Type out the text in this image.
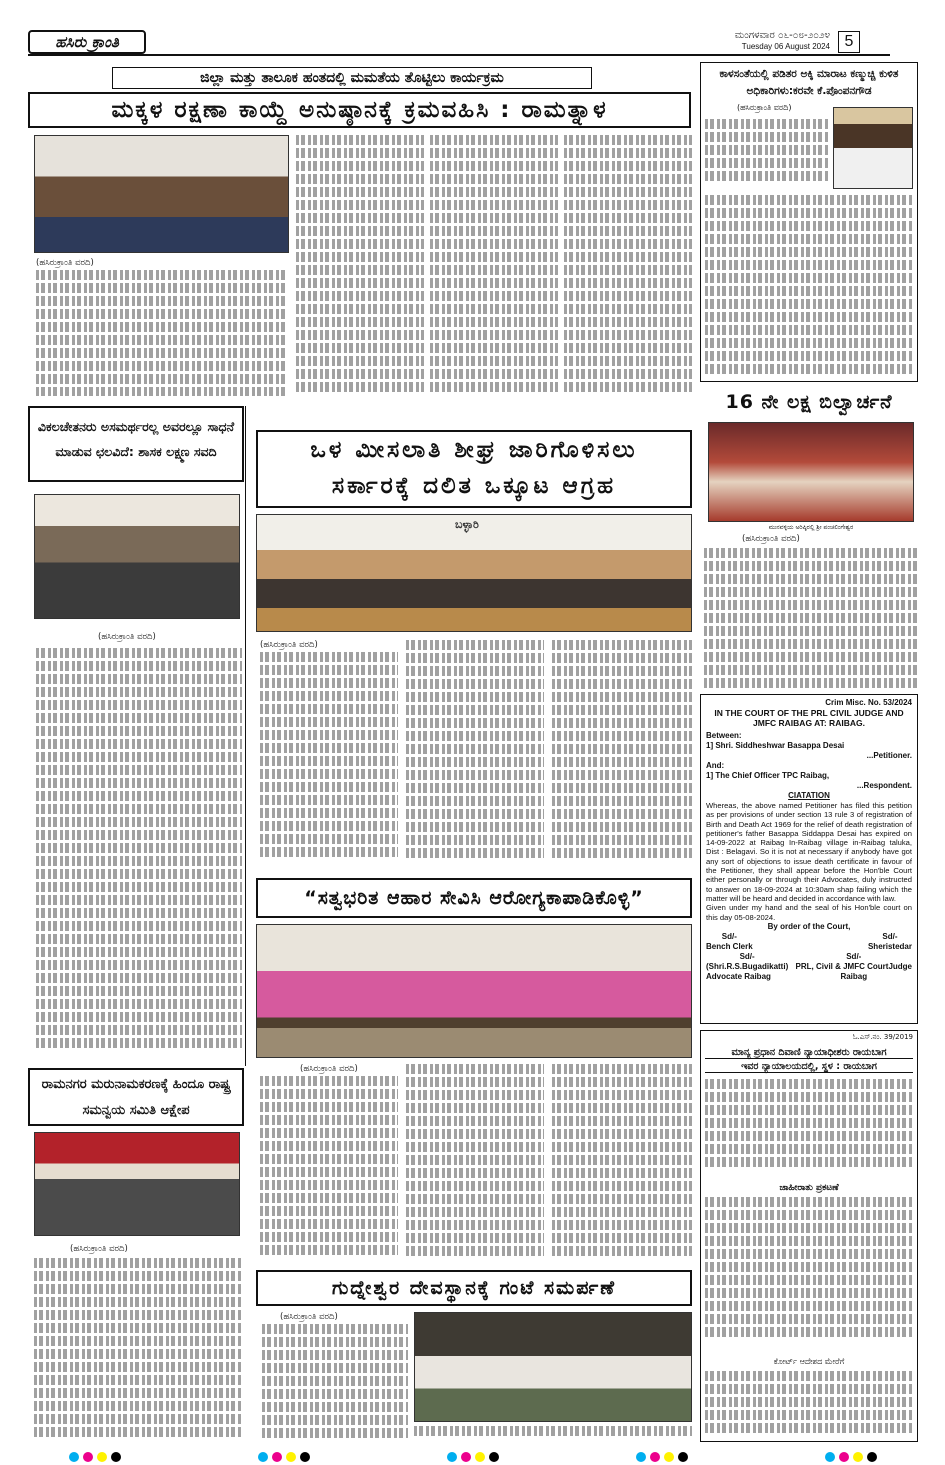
ಹಸಿರು ಕ್ರಾಂತಿ	ಮಂಗಳವಾರ ೦೬-೦೮-೨೦೨೪
Tuesday 06 August 2024 5
ಜಿಲ್ಲಾ ಮತ್ತು ತಾಲೂಕ ಹಂತದಲ್ಲಿ ಮಮತೆಯ ತೊಟ್ಟಿಲು ಕಾರ್ಯಕ್ರಮ
ಮಕ್ಕಳ ರಕ್ಷಣಾ ಕಾಯ್ದೆ ಅನುಷ್ಠಾನಕ್ಕೆ ಕ್ರಮವಹಿಸಿ : ರಾಮತ್ನಾಳ
(ಹಸಿರುಕ್ರಾಂತಿ ವರದಿ)
ಕಾಳಸಂತೆಯಲ್ಲಿ ಪಡಿತರ ಅಕ್ಕಿ ಮಾರಾಟ ಕಣ್ಮುಚ್ಚಿ ಕುಳಿತ ಅಧಿಕಾರಿಗಳು:ಕರವೇ ಕೆ.ಪೊಂಪನಗೌಡ
(ಹಸಿರುಕ್ರಾಂತಿ ವರದಿ)
16 ನೇ ಲಕ್ಷ ಬಿಲ್ವಾರ್ಚನೆ
ಮುನವಳ್ಳಿಯ ಅರಿಷ್ಠಿರಲ್ಲಿ ಶ್ರೀ ಪಂಚಲಿಂಗೇಶ್ವರ
(ಹಸಿರುಕ್ರಾಂತಿ ವರದಿ)
Crim Misc. No. 53/2024
IN THE COURT OF THE PRL CIVIL JUDGE AND
JMFC RAIBAG AT: RAIBAG.
Between:
1] Shri. Siddheshwar Basappa Desai
...Petitioner.
And:
1] The Chief Officer TPC Raibag,
...Respondent.
CIATATION
Whereas, the above named Petitioner has filed this petition as per provisions of under section 13 rule 3 of registration of Birth and Death Act 1969 for the relief of death registration of petitioner's father Basappa Siddappa Desai has expired on 14-09-2022 at Raibag In-Raibag village in-Raibag taluka, Dist : Belagavi. So it is not at necessary if anybody have got any sort of objections to issue death certificate in favour of the Petitioner, they shall appear before the Hon'ble Court either personally or through their Advocates, duly instructed to answer on 18-09-2024 at 10:30am shap failing which the matter will be heard and decided in accordance with law.
Given under my hand and the seal of his Hon'ble court on this day 05-08-2024.
By order of the Court,
Sd/-
Bench Clerk
Sd/-
Sheristedar
Sd/-
(Shri.R.S.Bugadikatti)
Advocate Raibag
Sd/-
PRL, Civil & JMFC CourtJudge
Raibag
ಓ.ಎಸ್.ನಂ. 39/2019
ಮಾನ್ಯ ಪ್ರಧಾನ ದಿವಾಣಿ ನ್ಯಾಯಾಧೀಶರು ರಾಯಬಾಗ
ಇವರ ನ್ಯಾಯಾಲಯದಲ್ಲಿ, ಸ್ಥಳ : ರಾಯಬಾಗ
ಜಾಹೀರಾತು ಪ್ರಕಟಣೆ
ಕೋರ್ಟ್ ಆದೇಶದ ಮೇರೆಗೆ
ವಿಕಲಚೇತನರು ಅಸಮರ್ಥರಲ್ಲ ಅವರಲ್ಲೂ ಸಾಧನೆ ಮಾಡುವ ಛಲವಿದೆ: ಶಾಸಕ ಲಕ್ಷ್ಮಣ ಸವದಿ
(ಹಸಿರುಕ್ರಾಂತಿ ವರದಿ)
ಒಳ ಮೀಸಲಾತಿ ಶೀಘ್ರ ಜಾರಿಗೊಳಿಸಲು
ಸರ್ಕಾರಕ್ಕೆ ದಲಿತ ಒಕ್ಕೂಟ ಆಗ್ರಹ
ಬಳ್ಳಾರಿ
(ಹಸಿರುಕ್ರಾಂತಿ ವರದಿ)
“ಸತ್ವಭರಿತ ಆಹಾರ ಸೇವಿಸಿ ಆರೋಗ್ಯಕಾಪಾಡಿಕೊಳ್ಳಿ”
(ಹಸಿರುಕ್ರಾಂತಿ ವರದಿ)
ರಾಮನಗರ ಮರುನಾಮಕರಣಕ್ಕೆ ಹಿಂದೂ ರಾಷ್ಟ್ರ ಸಮನ್ವಯ ಸಮಿತಿ ಆಕ್ಷೇಪ
(ಹಸಿರುಕ್ರಾಂತಿ ವರದಿ)
ಗುದ್ನೇಶ್ವರ ದೇವಸ್ಥಾನಕ್ಕೆ ಗಂಟೆ ಸಮರ್ಪಣೆ
(ಹಸಿರುಕ್ರಾಂತಿ ವರದಿ)
